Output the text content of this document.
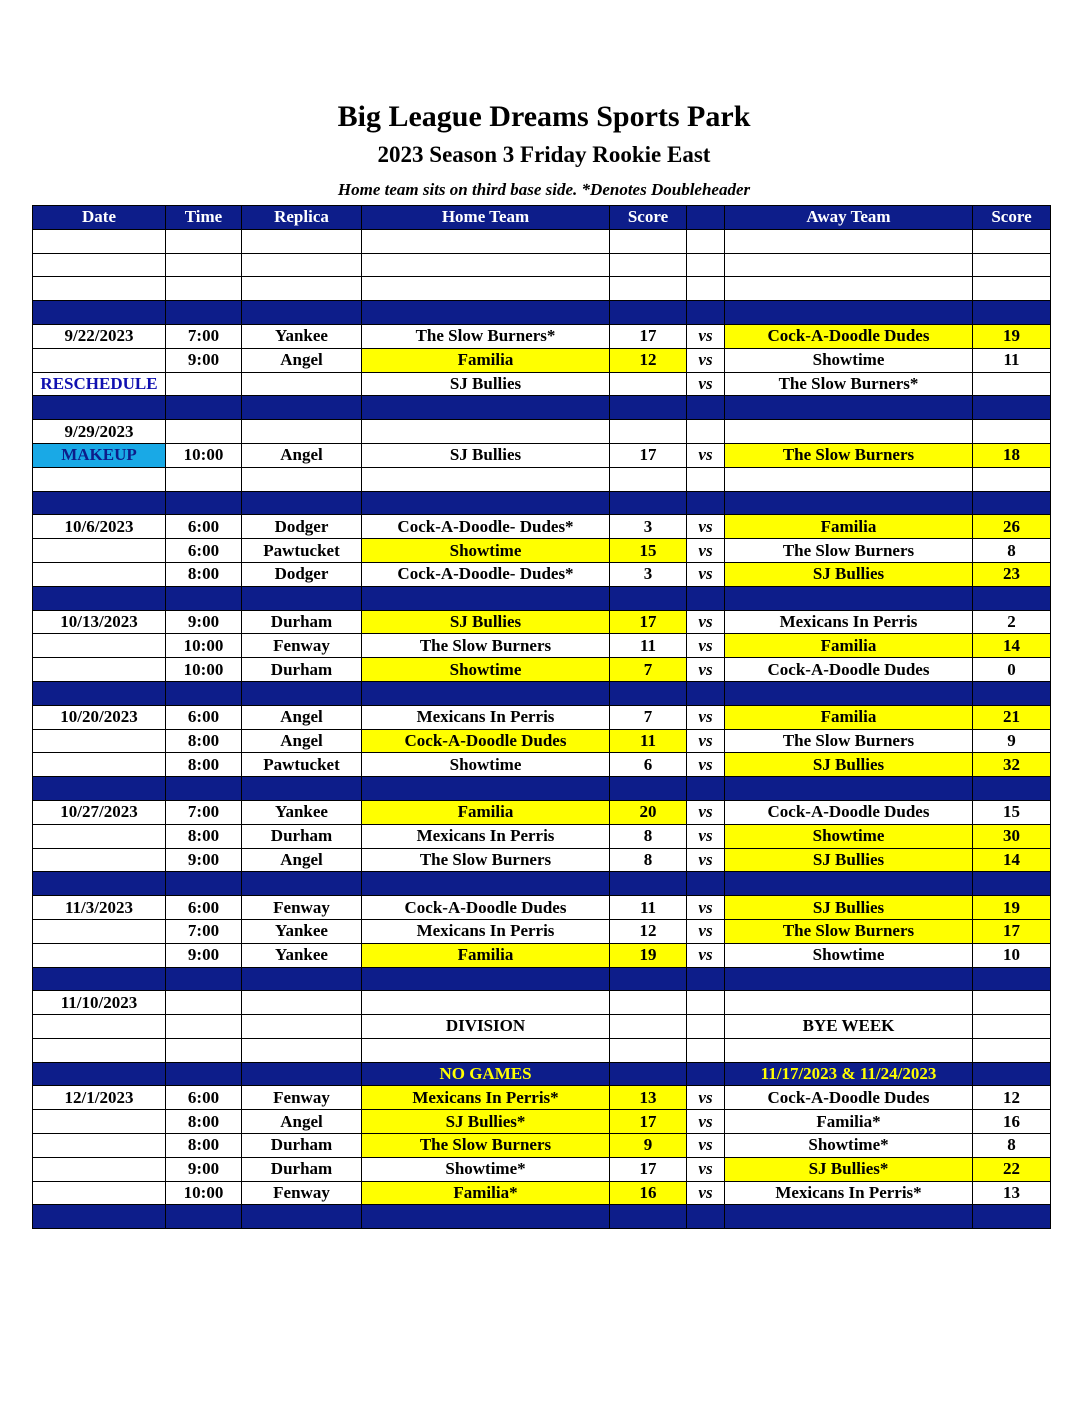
Big League Dreams Sports Park
2023 Season 3 Friday Rookie East
Home team sits on third base side. *Denotes Doubleheader
Date	Time	Replica	Home Team	Score		Away Team	Score

9/22/2023	7:00	Yankee	The Slow Burners*	17	vs	Cock-A-Doodle Dudes	19
	9:00	Angel	Familia	12	vs	Showtime	11
RESCHEDULE			SJ Bullies		vs	The Slow Burners*	

9/29/2023							
MAKEUP	10:00	Angel	SJ Bullies	17	vs	The Slow Burners	18

10/6/2023	6:00	Dodger	Cock-A-Doodle- Dudes*	3	vs	Familia	26
	6:00	Pawtucket	Showtime	15	vs	The Slow Burners	8
	8:00	Dodger	Cock-A-Doodle- Dudes*	3	vs	SJ Bullies	23

10/13/2023	9:00	Durham	SJ Bullies	17	vs	Mexicans In Perris	2
	10:00	Fenway	The Slow Burners	11	vs	Familia	14
	10:00	Durham	Showtime	7	vs	Cock-A-Doodle Dudes	0

10/20/2023	6:00	Angel	Mexicans In Perris	7	vs	Familia	21
	8:00	Angel	Cock-A-Doodle Dudes	11	vs	The Slow Burners	9
	8:00	Pawtucket	Showtime	6	vs	SJ Bullies	32

10/27/2023	7:00	Yankee	Familia	20	vs	Cock-A-Doodle Dudes	15
	8:00	Durham	Mexicans In Perris	8	vs	Showtime	30
	9:00	Angel	The Slow Burners	8	vs	SJ Bullies	14

11/3/2023	6:00	Fenway	Cock-A-Doodle Dudes	11	vs	SJ Bullies	19
	7:00	Yankee	Mexicans In Perris	12	vs	The Slow Burners	17
	9:00	Yankee	Familia	19	vs	Showtime	10

11/10/2023							
			DIVISION			BYE WEEK	

			NO GAMES			11/17/2023 & 11/24/2023	
12/1/2023	6:00	Fenway	Mexicans In Perris*	13	vs	Cock-A-Doodle Dudes	12
	8:00	Angel	SJ Bullies*	17	vs	Familia*	16
	8:00	Durham	The Slow Burners	9	vs	Showtime*	8
	9:00	Durham	Showtime*	17	vs	SJ Bullies*	22
	10:00	Fenway	Familia*	16	vs	Mexicans In Perris*	13
